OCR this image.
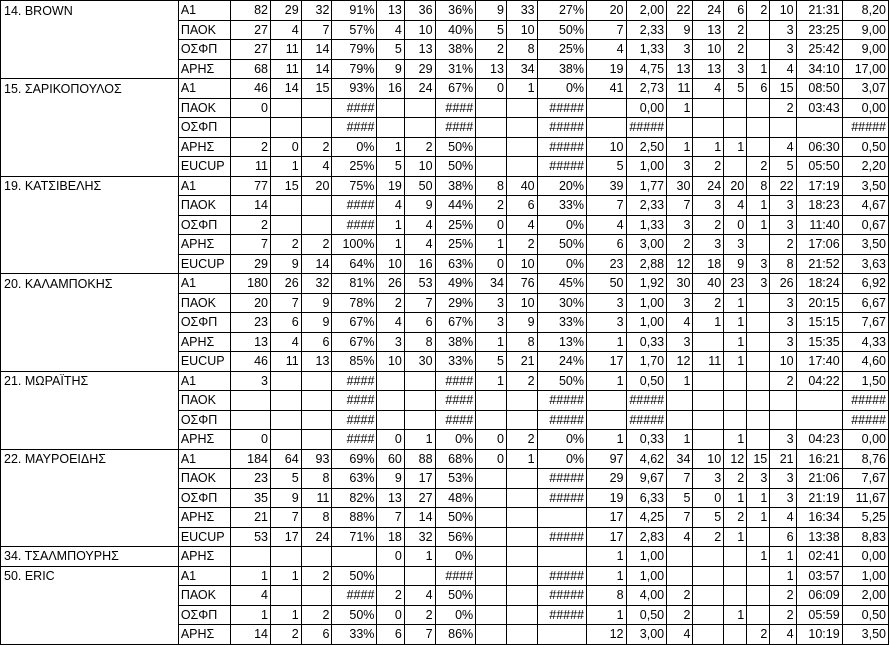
14. BROWN	A1	82	29	32	91%	13	36	36%	9	33	27%	20	2,00	22	24	6	2	10	21:31	8,20
	ΠΑΟΚ	27	4	7	57%	4	10	40%	5	10	50%	7	2,33	9	13	2		3	23:25	9,00
	ΟΣΦΠ	27	11	14	79%	5	13	38%	2	8	25%	4	1,33	3	10	2		3	25:42	9,00
	ΑΡΗΣ	68	11	14	79%	9	29	31%	13	34	38%	19	4,75	13	13	3	1	4	34:10	17,00
15. ΣΑΡΙΚΟΠΟΥΛΟΣ	A1	46	14	15	93%	16	24	67%	0	1	0%	41	2,73	11	4	5	6	15	08:50	3,07
	ΠΑΟΚ	0			####			####			#####		0,00	1				2	03:43	0,00
	ΟΣΦΠ				####			####			#####		#####							#####
	ΑΡΗΣ	2	0	2	0%	1	2	50%			#####	10	2,50	1	1	1		4	06:30	0,50
	EUCUP	11	1	4	25%	5	10	50%			#####	5	1,00	3	2		2	5	05:50	2,20
19. ΚΑΤΣΙΒΕΛΗΣ	A1	77	15	20	75%	19	50	38%	8	40	20%	39	1,77	30	24	20	8	22	17:19	3,50
	ΠΑΟΚ	14			####	4	9	44%	2	6	33%	7	2,33	7	3	4	1	3	18:23	4,67
	ΟΣΦΠ	2			####	1	4	25%	0	4	0%	4	1,33	3	2	0	1	3	11:40	0,67
	ΑΡΗΣ	7	2	2	100%	1	4	25%	1	2	50%	6	3,00	2	3	3		2	17:06	3,50
	EUCUP	29	9	14	64%	10	16	63%	0	10	0%	23	2,88	12	18	9	3	8	21:52	3,63
20. ΚΑΛΑΜΠΟΚΗΣ	A1	180	26	32	81%	26	53	49%	34	76	45%	50	1,92	30	40	23	3	26	18:24	6,92
	ΠΑΟΚ	20	7	9	78%	2	7	29%	3	10	30%	3	1,00	3	2	1		3	20:15	6,67
	ΟΣΦΠ	23	6	9	67%	4	6	67%	3	9	33%	3	1,00	4	1	1		3	15:15	7,67
	ΑΡΗΣ	13	4	6	67%	3	8	38%	1	8	13%	1	0,33	3		1		3	15:35	4,33
	EUCUP	46	11	13	85%	10	30	33%	5	21	24%	17	1,70	12	11	1		10	17:40	4,60
21. ΜΩΡΑΪΤΗΣ	A1	3			####			####	1	2	50%	1	0,50	1				2	04:22	1,50
	ΠΑΟΚ				####			####			#####		#####							#####
	ΟΣΦΠ				####			####			#####		#####							#####
	ΑΡΗΣ	0			####	0	1	0%	0	2	0%	1	0,33	1		1		3	04:23	0,00
22. ΜΑΥΡΟΕΙΔΗΣ	A1	184	64	93	69%	60	88	68%	0	1	0%	97	4,62	34	10	12	15	21	16:21	8,76
	ΠΑΟΚ	23	5	8	63%	9	17	53%			#####	29	9,67	7	3	2	3	3	21:06	7,67
	ΟΣΦΠ	35	9	11	82%	13	27	48%			#####	19	6,33	5	0	1	1	3	21:19	11,67
	ΑΡΗΣ	21	7	8	88%	7	14	50%				17	4,25	7	5	2	1	4	16:34	5,25
	EUCUP	53	17	24	71%	18	32	56%			#####	17	2,83	4	2	1		6	13:38	8,83
34. ΤΣΑΛΜΠΟΥΡΗΣ	ΑΡΗΣ					0	1	0%				1	1,00				1	1	02:41	0,00
50. ERIC	A1	1	1	2	50%			####			#####	1	1,00					1	03:57	1,00
	ΠΑΟΚ	4			####	2	4	50%			#####	8	4,00	2				2	06:09	2,00
	ΟΣΦΠ	1	1	2	50%	0	2	0%			#####	1	0,50	2		1		2	05:59	0,50
	ΑΡΗΣ	14	2	6	33%	6	7	86%				12	3,00	4			2	4	10:19	3,50
